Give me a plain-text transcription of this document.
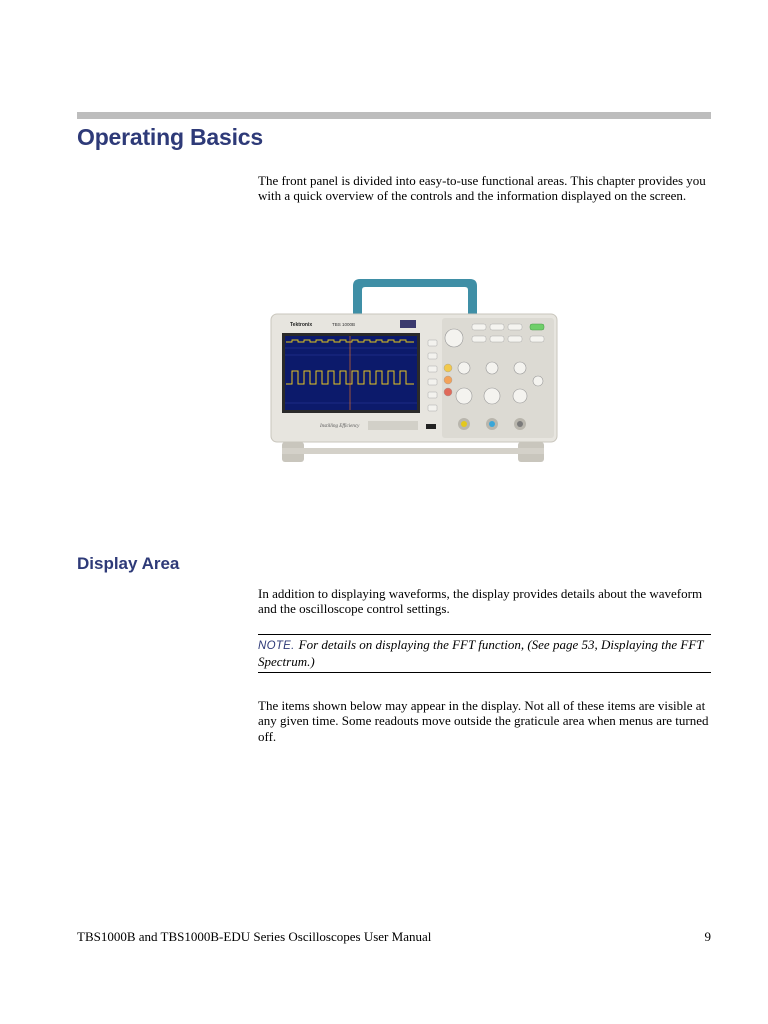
Operating Basics

The front panel is divided into easy-to-use functional areas. This chapter provides you with a quick overview of the controls and the information displayed on the screen.

Tektronix	TBS 1000B
Instilling Efficiency
Display Area

In addition to displaying waveforms, the display provides details about the waveform and the oscilloscope control settings.

NOTE. For details on displaying the FFT function, (See page 53, Displaying the FFT Spectrum.)

The items shown below may appear in the display. Not all of these items are visible at any given time. Some readouts move outside the graticule area when menus are turned off.

TBS1000B and TBS1000B-EDU Series Oscilloscopes User Manual	9
